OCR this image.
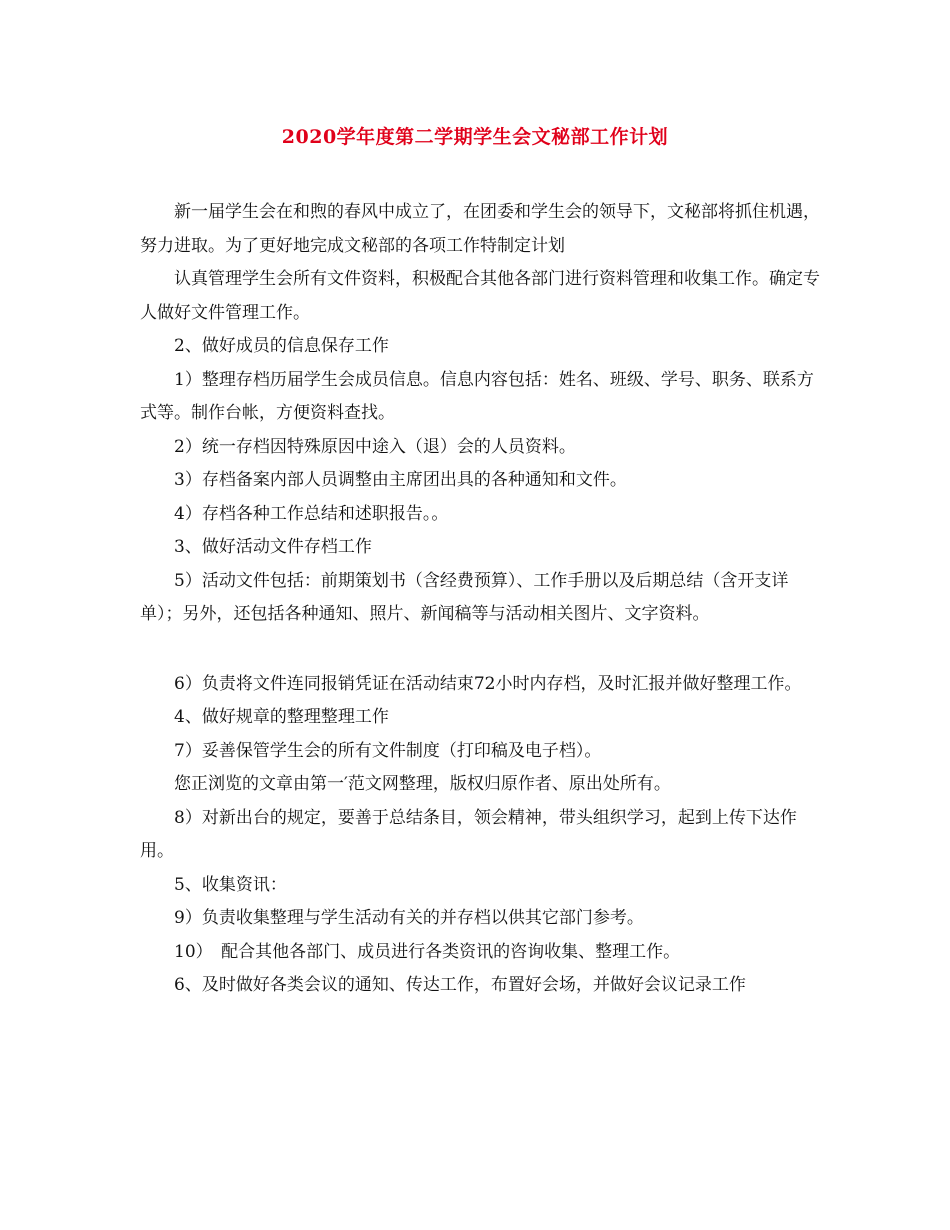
2020学年度第二学期学生会文秘部工作计划

新一届学生会在和煦的春风中成立了，在团委和学生会的领导下，文秘部将抓住机遇，努力进取。为了更好地完成文秘部的各项工作特制定计划

认真管理学生会所有文件资料，积极配合其他各部门进行资料管理和收集工作。确定专人做好文件管理工作。

2、做好成员的信息保存工作

1）整理存档历届学生会成员信息。信息内容包括：姓名、班级、学号、职务、联系方式等。制作台帐，方便资料查找。

2）统一存档因特殊原因中途入（退）会的人员资料。

3）存档备案内部人员调整由主席团出具的各种通知和文件。

4）存档各种工作总结和述职报告。。

3、做好活动文件存档工作

5）活动文件包括：前期策划书（含经费预算）、工作手册以及后期总结（含开支详单）；另外，还包括各种通知、照片、新闻稿等与活动相关图片、文字资料。

6）负责将文件连同报销凭证在活动结束72小时内存档，及时汇报并做好整理工作。

4、做好规章的整理整理工作

7）妥善保管学生会的所有文件制度（打印稿及电子档）。

您正浏览的文章由第一′范文网整理，版权归原作者、原出处所有。

8）对新出台的规定，要善于总结条目，领会精神，带头组织学习，起到上传下达作用。

5、收集资讯：

9）负责收集整理与学生活动有关的并存档以供其它部门参考。

10）　配合其他各部门、成员进行各类资讯的咨询收集、整理工作。

6、及时做好各类会议的通知、传达工作，布置好会场，并做好会议记录工作
